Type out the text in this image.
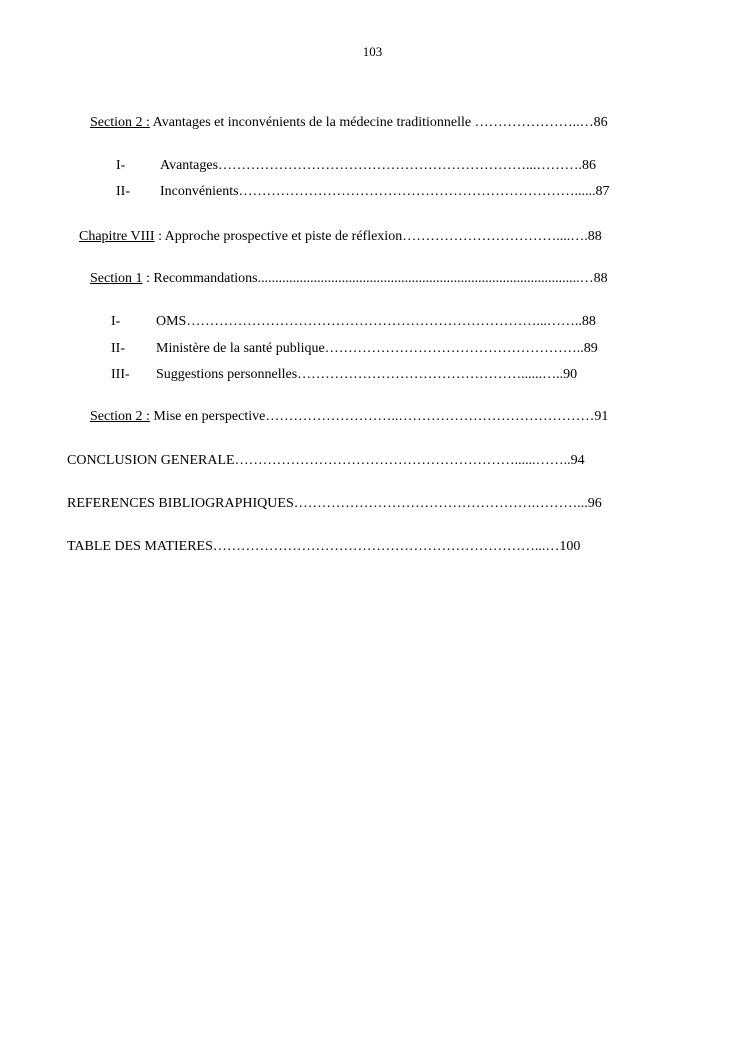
103
Section 2 : Avantages et inconvénients de la médecine traditionnelle …………………..…86
I- Avantages…………………………………………………………...……….86
II- Inconvénients………………………………………………………………......87
Chapitre VIII : Approche prospective et piste de réflexion……………………………....….88
Section 1 : Recommandations............................................................................................…88
I-	OMS…………………………………………………………………...……..88
II- Ministère de la santé publique………………………………………………..89
III- Suggestions personnelles…………………………………………......…..90
Section 2 : Mise en perspective………………………..……………………………………91
CONCLUSION GENERALE……………………………………………………......……..94
REFERENCES BIBLIOGRAPHIQUES…………………………………………….………...96
TABLE DES MATIERES……………………………………………………………...…100
